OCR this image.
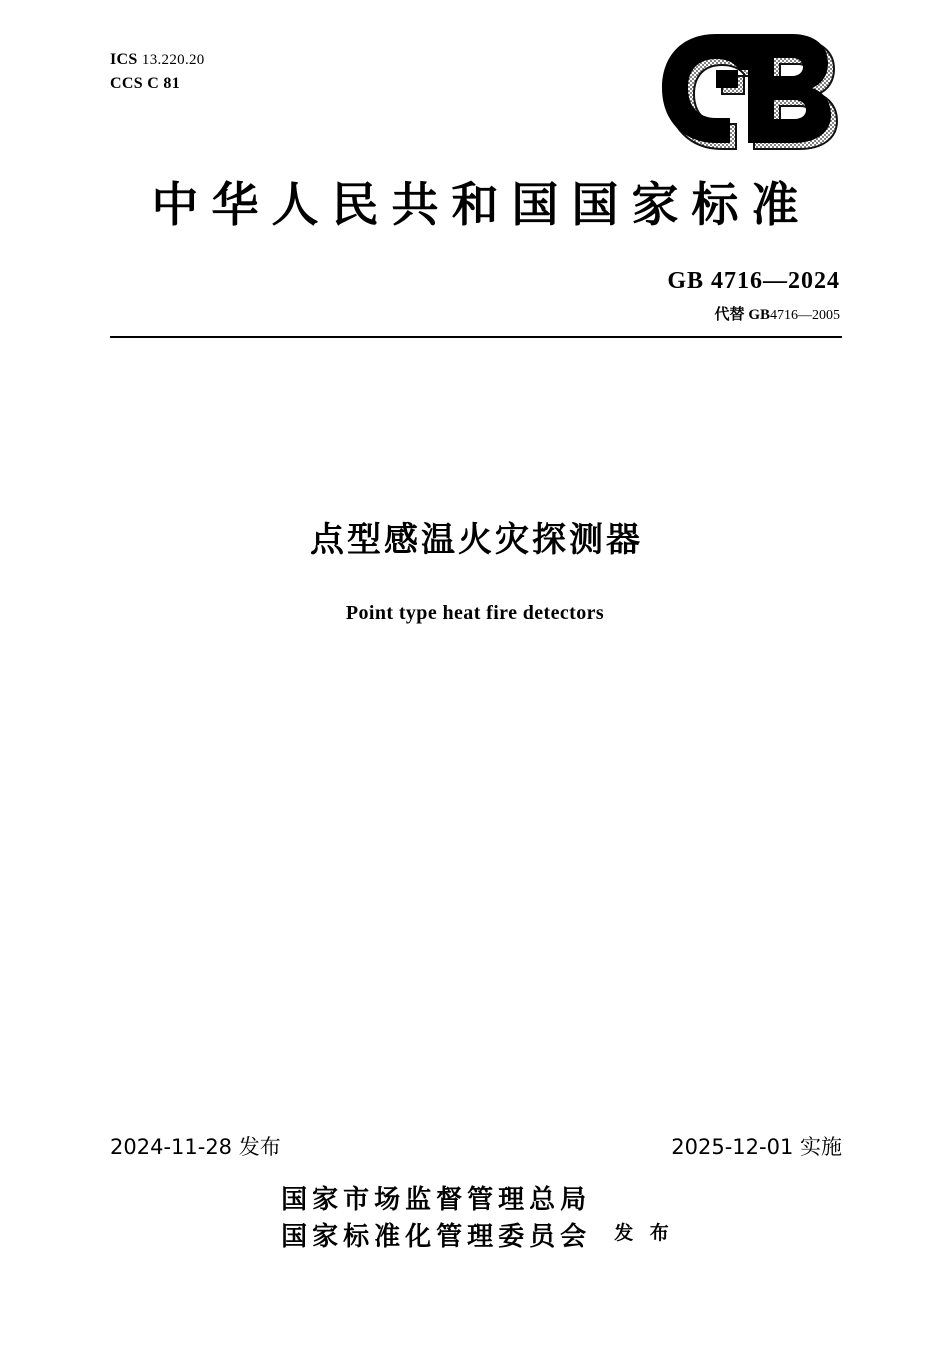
ICS 13.220.20
CCS C 81
中华人民共和国国家标准
GB 4716—2024
代替 GB4716—2005
点型感温火灾探测器
Point type heat fire detectors
2024-11-28 发布	2025-12-01 实施
国家市场监督管理总局
国家标准化管理委员会 发 布
